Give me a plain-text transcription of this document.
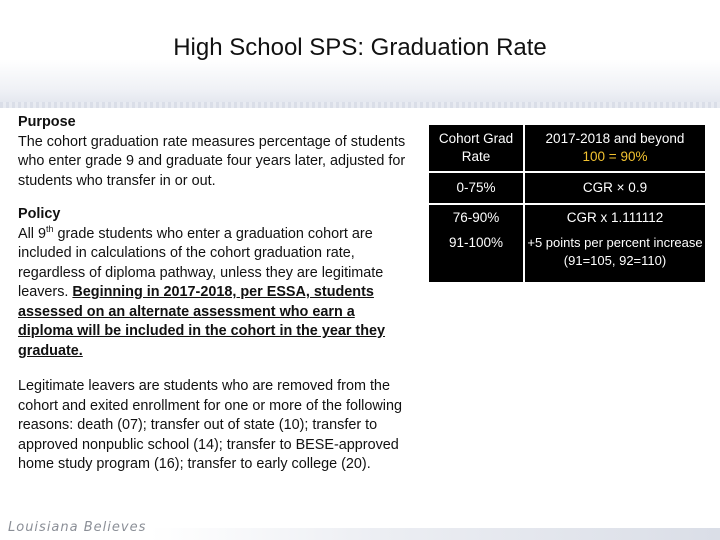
High School SPS: Graduation Rate
Purpose

The cohort graduation rate measures percentage of students who enter grade 9 and graduate four years later, adjusted for students who transfer in or out.

Policy

All 9th grade students who enter a graduation cohort are included in calculations of the cohort graduation rate, regardless of diploma pathway, unless they are legitimate leavers. Beginning in 2017-2018, per ESSA, students assessed on an alternate assessment who earn a diploma will be included in the cohort in the year they graduate.

Legitimate leavers are students who are removed from the cohort and exited enrollment for one or more of the following reasons: death (07); transfer out of state (10); transfer to approved nonpublic school (14); transfer to BESE-approved home study program (16); transfer to early college (20).

Cohort Grad Rate	2017-2018 and beyond
100 = 90%

0-75%	CGR × 0.9
76-90%	CGR x 1.111112
91-100%	+5 points per percent increase (91=105, 92=110)
Louisiana Believes
